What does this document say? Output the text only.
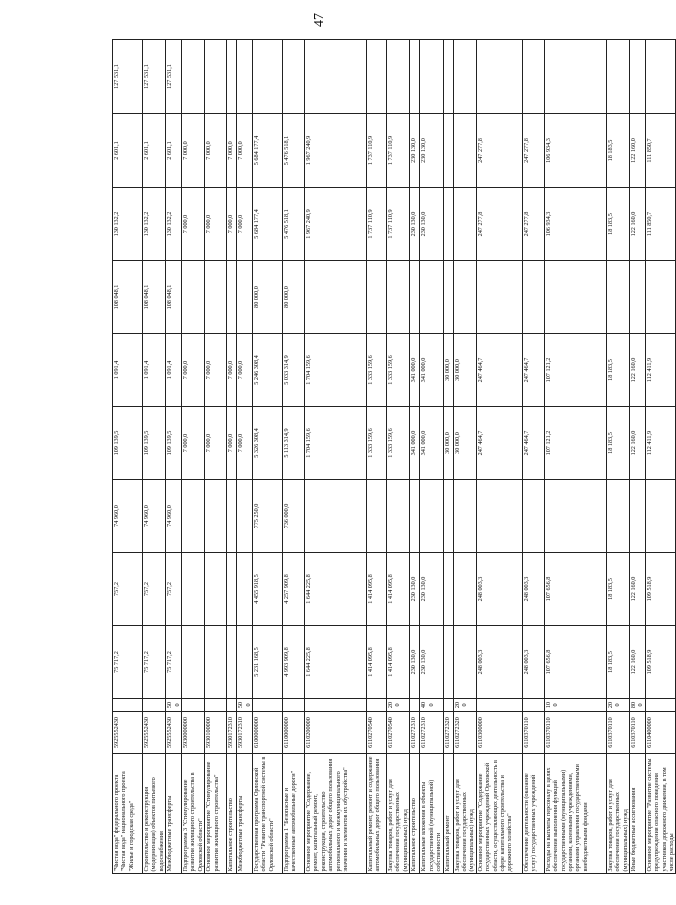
47
"Чистая вода" федерального проекта "Чистая вода" национального проекта "Жилье и городская среда"	5925552430		75 717,2	757,2	74 960,0	109 139,5	1 091,4	108 048,1	130 132,2	2 601,1	127 531,1
Строительство и реконструкция (модернизация) объектов питьевого водоснабжения	5925552430		75 717,2	757,2	74 960,0	109 139,5	1 091,4	108 048,1	130 132,2	2 601,1	127 531,1
Межбюджетные трансферты	5925552430	500	75 717,2	757,2	74 960,0	109 139,5	1 091,4	108 048,1	130 132,2	2 601,1	127 531,1
Подпрограмма 3 "Стимулирование развития жилищного строительства в Орловской области"	5930000000					7 000,0	7 000,0		7 000,0	7 000,0	
Основное мероприятие "Стимулирование развития жилищного строительства"	5930100000					7 000,0	7 000,0		7 000,0	7 000,0	
Капитальное строительство	5930172310					7 000,0	7 000,0		7 000,0	7 000,0	
Межбюджетные трансферты	5930172310	500				7 000,0	7 000,0		7 000,0	7 000,0	
Государственная программа Орловской области "Развитие транспортной системы в Орловской области"	6100000000		5 231 168,5	4 455 918,5	775 250,0	5 326 308,4	5 246 308,4	80 000,0	5 684 177,4	5 684 177,4	
Подпрограмма 1 "Безопасные и качественные автомобильные дороги"	6110000000		4 993 909,8	4 257 909,8	736 000,0	5 113 314,9	5 033 314,9	80 000,0	5 476 518,1	5 476 518,1	
Основное мероприятие "Содержание, ремонт, капитальный ремонт, реконструкция, строительство автомобильных дорог общего пользования регионального и межмуниципального значения и элементов их обустройства"	6110200000		1 644 225,8	1 644 225,8		1 704 159,6	1 704 159,6		1 967 240,9	1 967 240,9	
Капитальный ремонт, ремонт и содержание автомобильных дорог общего пользования	6110270540		1 414 095,8	1 414 095,8		1 333 159,6	1 333 159,6		1 737 110,9	1 737 110,9	
Закупка товаров, работ и услуг для обеспечения государственных (муниципальных) нужд	6110270540	200	1 414 095,8	1 414 095,8		1 333 159,6	1 333 159,6		1 737 110,9	1 737 110,9	
Капитальное строительство	6110272310		230 130,0	230 130,0		341 000,0	341 000,0		230 130,0	230 130,0	
Капитальные вложения в объекты государственной (муниципальной) собственности	6110272310	400	230 130,0	230 130,0		341 000,0	341 000,0		230 130,0	230 130,0	
Капитальный ремонт	6110272320					30 000,0	30 000,0				
Закупка товаров, работ и услуг для обеспечения государственных (муниципальных) нужд	6110272320	200				30 000,0	30 000,0				
Основное мероприятие "Содержание государственных учреждений Орловской области, осуществляющих деятельность в сфере капитального строительства и дорожного хозяйства"	6110300000		248 003,3	248 003,3		247 464,7	247 464,7		247 277,8	247 277,8	
Обеспечение деятельности (оказание услуг) государственных учреждений	6110370110		248 003,3	248 003,3		247 464,7	247 464,7		247 277,8	247 277,8	
Расходы на выплаты персоналу в целях обеспечения выполнения функций государственными (муниципальными) органами, казенными учреждениями, органами управления государственными внебюджетными фондами	6110370110	100	107 656,8	107 656,8		107 121,2	107 121,2		106 934,3	106 934,3	
Закупка товаров, работ и услуг для обеспечения государственных (муниципальных) нужд	6110370110	200	18 183,5	18 183,5		18 183,5	18 183,5		18 183,5	18 183,5	
Иные бюджетные ассигнования	6110370110	800	122 160,0	122 160,0		122 160,0	122 160,0		122 160,0	122 160,0	
Основное мероприятие "Развитие системы предупреждения опасного поведения участников дорожного движения, в том числе расходы	6110400000		109 518,9	109 518,9		112 411,9	112 411,9		111 850,7	111 850,7	
